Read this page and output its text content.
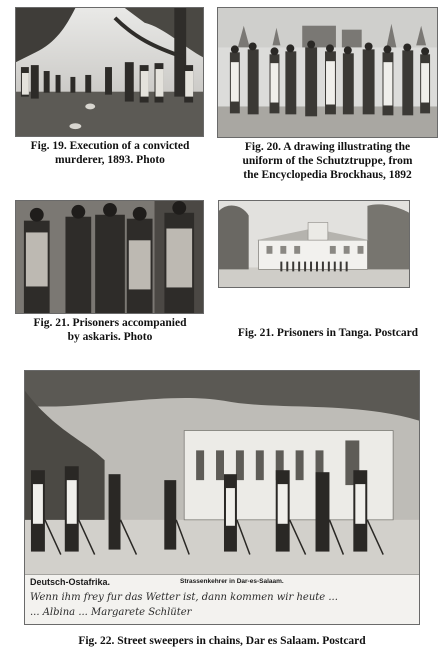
Fig. 19. Execution of a convicted
murderer, 1893. Photo
Fig. 20. A drawing illustrating the
uniform of the Schutztruppe, from
the Encyclopedia Brockhaus, 1892
Fig. 21. Prisoners accompanied
by askaris. Photo	Fig. 21. Prisoners in Tanga. Postcard
Deutsch-Ostafrika.	Strassenkehrer in Dar-es-Salaam.
Wenn ihm frey fur das Wetter ist, dann kommen wir heute ...
... Albina ... Margarete Schlüter
Fig. 22. Street sweepers in chains, Dar es Salaam. Postcard
